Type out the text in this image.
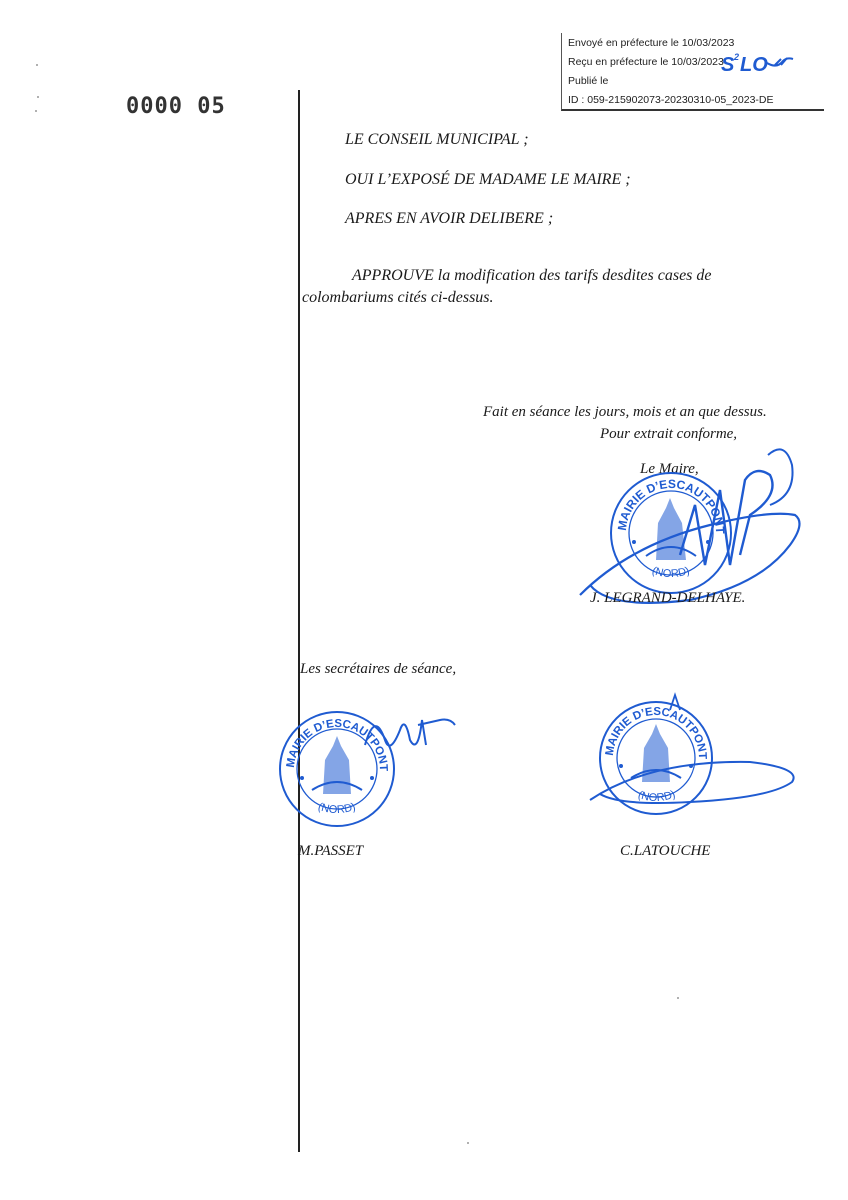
Envoyé en préfecture le 10/03/2023
Reçu en préfecture le 10/03/2023
Publié le
ID : 059-215902073-20230310-05_2023-DE
S 2 LO
0000 05
LE CONSEIL MUNICIPAL ;
OUI L’EXPOSÉ DE MADAME LE MAIRE ;
APRES EN AVOIR DELIBERE ;
APPROUVE la modification des tarifs desdites cases de colombariums cités ci-dessus.
Fait en séance les jours, mois et an que dessus.
Pour extrait conforme,
Le Maire,
MAIRIE D’ESCAUTPONT
(NORD)
J. LEGRAND-DELHAYE.
Les secrétaires de séance,
MAIRIE D’ESCAUTPONT
(NORD)
M.PASSET
MAIRIE D’ESCAUTPONT
(NORD)
C.LATOUCHE
